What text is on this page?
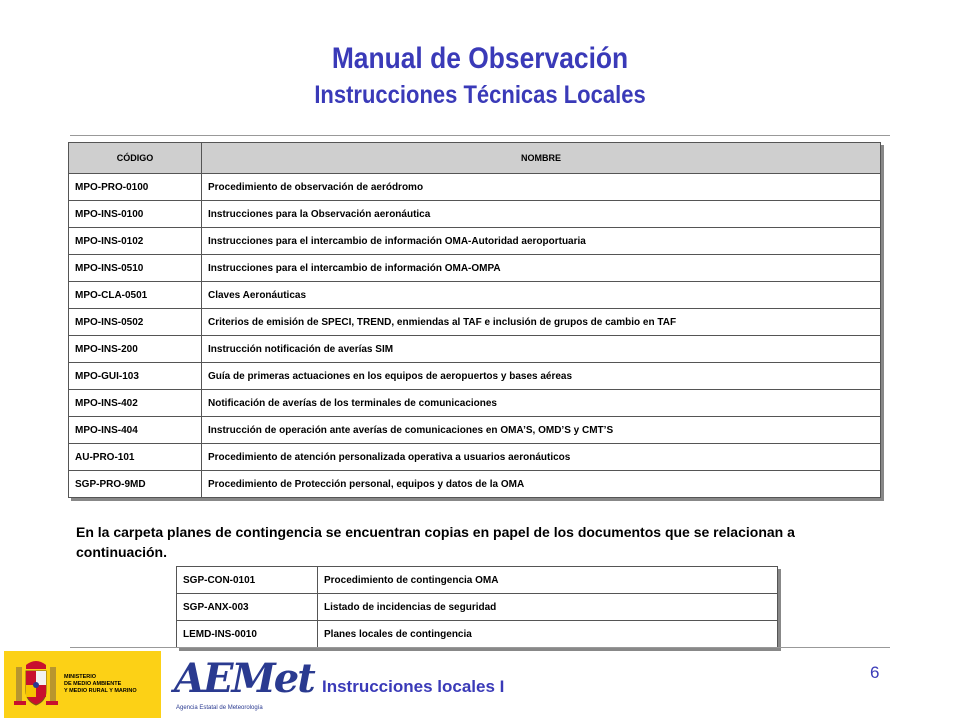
Manual de Observación
Instrucciones Técnicas Locales
CÓDIGO	NOMBRE
MPO-PRO-0100	Procedimiento de observación de aeródromo
MPO-INS-0100	Instrucciones para la Observación aeronáutica
MPO-INS-0102	Instrucciones para el intercambio de información OMA-Autoridad aeroportuaria
MPO-INS-0510	Instrucciones para el intercambio de información OMA-OMPA
MPO-CLA-0501	Claves Aeronáuticas
MPO-INS-0502	Criterios de emisión de SPECI, TREND, enmiendas al TAF e inclusión de grupos de cambio en TAF
MPO-INS-200	Instrucción notificación de averías SIM
MPO-GUI-103	Guía de primeras actuaciones en los equipos de aeropuertos y bases aéreas
MPO-INS-402	Notificación de averías de los terminales de comunicaciones
MPO-INS-404	Instrucción de operación ante averías de comunicaciones en OMA’S, OMD’S y CMT’S
AU-PRO-101	Procedimiento de atención personalizada operativa a usuarios aeronáuticos
SGP-PRO-9MD	Procedimiento de Protección personal, equipos y datos de la OMA
En la carpeta planes de contingencia se encuentran copias en papel de los documentos que se relacionan a continuación.
SGP-CON-0101	Procedimiento de contingencia OMA
SGP-ANX-003	Listado de incidencias de seguridad
LEMD-INS-0010	Planes locales de contingencia
MINISTERIO
DE MEDIO AMBIENTE
Y MEDIO RURAL Y MARINO AEMet
Agencia Estatal de Meteorología
Instrucciones locales I
6
